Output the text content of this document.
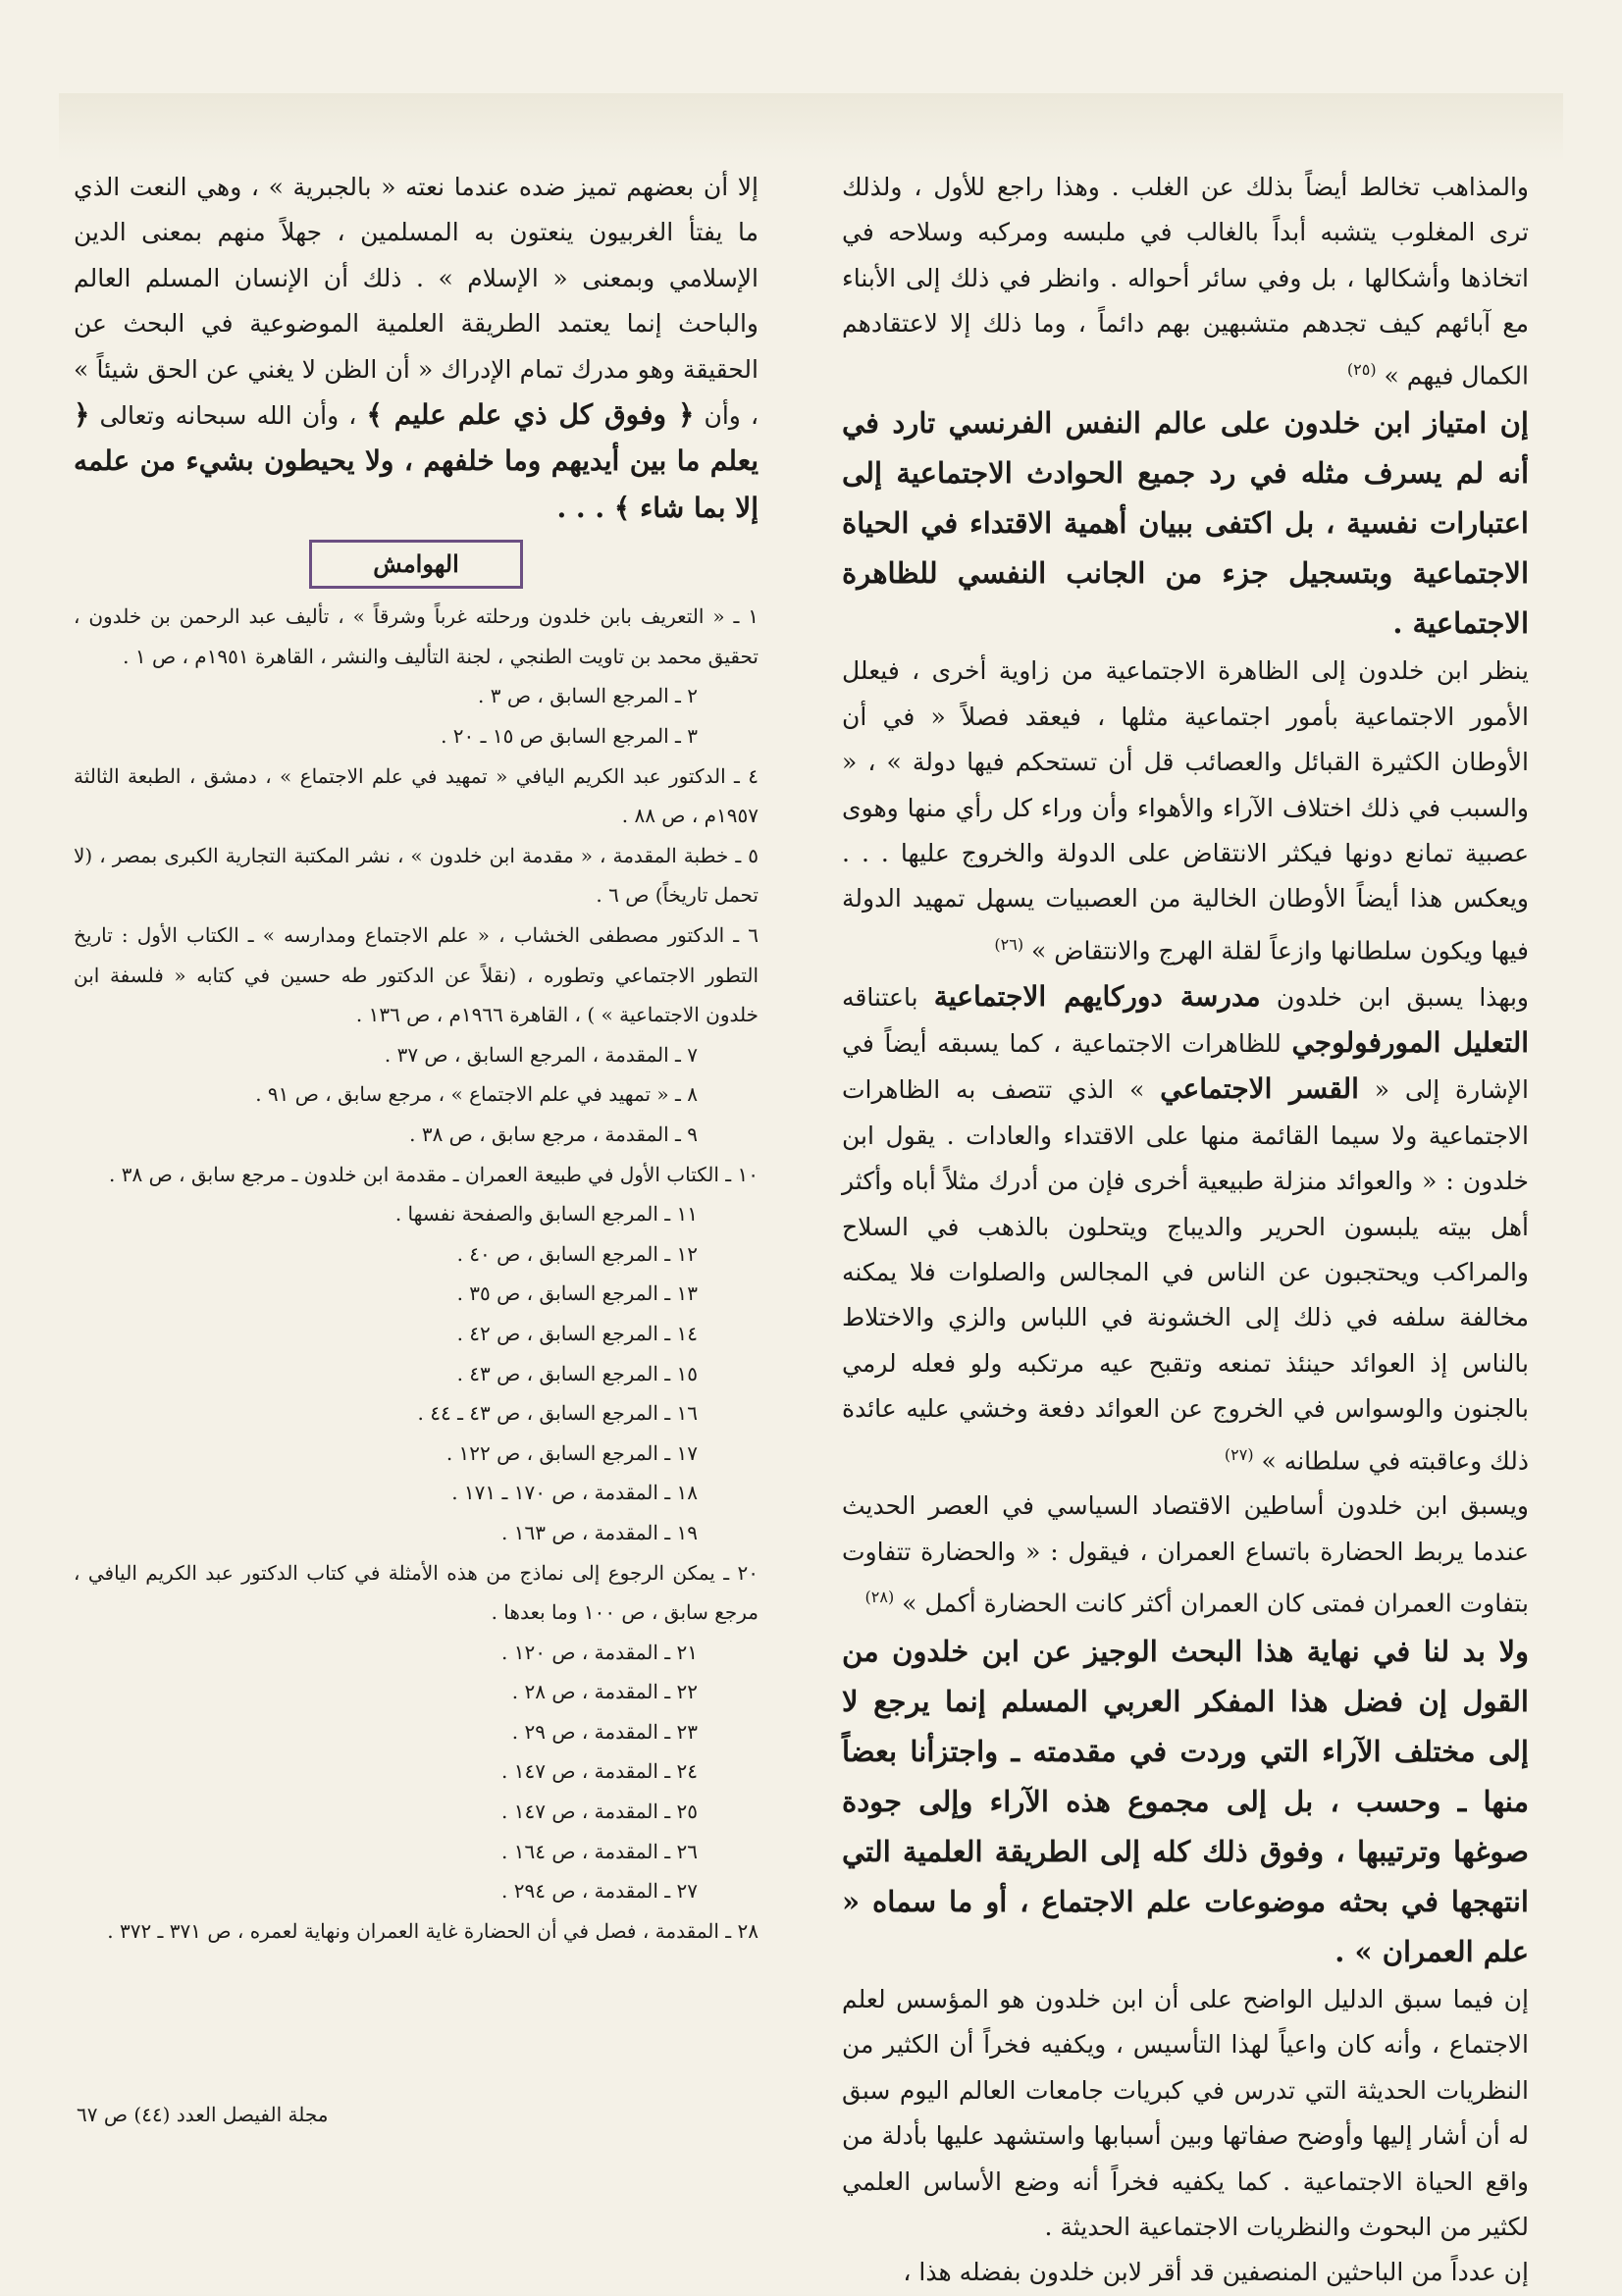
والمذاهب تخالط أيضاً بذلك عن الغلب . وهذا راجع للأول ، ولذلك ترى المغلوب يتشبه أبداً بالغالب في ملبسه ومركبه وسلاحه في اتخاذها وأشكالها ، بل وفي سائر أحواله . وانظر في ذلك إلى الأبناء مع آبائهم كيف تجدهم متشبهين بهم دائماً ، وما ذلك إلا لاعتقادهم الكمال فيهم » $^{(٢٥)}$

إن امتياز ابن خلدون على عالم النفس الفرنسي تارد في أنه لم يسرف مثله في رد جميع الحوادث الاجتماعية إلى اعتبارات نفسية ، بل اكتفى ببيان أهمية الاقتداء في الحياة الاجتماعية وبتسجيل جزء من الجانب النفسي للظاهرة الاجتماعية .

ينظر ابن خلدون إلى الظاهرة الاجتماعية من زاوية أخرى ، فيعلل الأمور الاجتماعية بأمور اجتماعية مثلها ، فيعقد فصلاً « في أن الأوطان الكثيرة القبائل والعصائب قل أن تستحكم فيها دولة » ، « والسبب في ذلك اختلاف الآراء والأهواء وأن وراء كل رأي منها وهوى عصبية تمانع دونها فيكثر الانتقاض على الدولة والخروج عليها . . . ويعكس هذا أيضاً الأوطان الخالية من العصبيات يسهل تمهيد الدولة فيها ويكون سلطانها وازعاً لقلة الهرج والانتقاض » $^{(٢٦)}$

وبهذا يسبق ابن خلدون مدرسة دوركايهم الاجتماعية باعتناقه التعليل المورفولوجي للظاهرات الاجتماعية ، كما يسبقه أيضاً في الإشارة إلى « القسر الاجتماعي » الذي تتصف به الظاهرات الاجتماعية ولا سيما القائمة منها على الاقتداء والعادات . يقول ابن خلدون : « والعوائد منزلة طبيعية أخرى فإن من أدرك مثلاً أباه وأكثر أهل بيته يلبسون الحرير والديباج ويتحلون بالذهب في السلاح والمراكب ويحتجبون عن الناس في المجالس والصلوات فلا يمكنه مخالفة سلفه في ذلك إلى الخشونة في اللباس والزي والاختلاط بالناس إذ العوائد حينئذ تمنعه وتقبح عيه مرتكبه ولو فعله لرمي بالجنون والوسواس في الخروج عن العوائد دفعة وخشي عليه عائدة ذلك وعاقبته في سلطانه » $^{(٢٧)}$

ويسبق ابن خلدون أساطين الاقتصاد السياسي في العصر الحديث عندما يربط الحضارة باتساع العمران ، فيقول : « والحضارة تتفاوت بتفاوت العمران فمتى كان العمران أكثر كانت الحضارة أكمل » $^{(٢٨)}$

ولا بد لنا في نهاية هذا البحث الوجيز عن ابن خلدون من القول إن فضل هذا المفكر العربي المسلم إنما يرجع لا إلى مختلف الآراء التي وردت في مقدمته ـ واجتزأنا بعضاً منها ـ وحسب ، بل إلى مجموع هذه الآراء وإلى جودة صوغها وترتيبها ، وفوق ذلك كله إلى الطريقة العلمية التي انتهجها في بحثه موضوعات علم الاجتماع ، أو ما سماه « علم العمران » .

إن فيما سبق الدليل الواضح على أن ابن خلدون هو المؤسس لعلم الاجتماع ، وأنه كان واعياً لهذا التأسيس ، ويكفيه فخراً أن الكثير من النظريات الحديثة التي تدرس في كبريات جامعات العالم اليوم سبق له أن أشار إليها وأوضح صفاتها وبين أسبابها واستشهد عليها بأدلة من واقع الحياة الاجتماعية . كما يكفيه فخراً أنه وضع الأساس العلمي لكثير من البحوث والنظريات الاجتماعية الحديثة .

إن عدداً من الباحثين المنصفين قد أقر لابن خلدون بفضله هذا ،

إلا أن بعضهم تميز ضده عندما نعته « بالجبرية » ، وهي النعت الذي ما يفتأ الغربيون ينعتون به المسلمين ، جهلاً منهم بمعنى الدين الإسلامي وبمعنى « الإسلام » . ذلك أن الإنسان المسلم العالم والباحث إنما يعتمد الطريقة العلمية الموضوعية في البحث عن الحقيقة وهو مدرك تمام الإدراك « أن الظن لا يغني عن الحق شيئاً » ، وأن ﴿ وفوق كل ذي علم عليم ﴾ ، وأن الله سبحانه وتعالى ﴿ يعلم ما بين أيديهم وما خلفهم ، ولا يحيطون بشيء من علمه إلا بما شاء ﴾ . . .

الهوامش
١ ـ « التعريف بابن خلدون ورحلته غرباً وشرقاً » ، تأليف عبد الرحمن بن خلدون ، تحقيق محمد بن تاويت الطنجي ، لجنة التأليف والنشر ، القاهرة ١٩٥١م ، ص ١ .
٢ ـ المرجع السابق ، ص ٣ .
٣ ـ المرجع السابق ص ١٥ ـ ٢٠ .
٤ ـ الدكتور عبد الكريم اليافي « تمهيد في علم الاجتماع » ، دمشق ، الطبعة الثالثة ١٩٥٧م ، ص ٨٨ .
٥ ـ خطبة المقدمة ، « مقدمة ابن خلدون » ، نشر المكتبة التجارية الكبرى بمصر ، (لا تحمل تاريخاً) ص ٦ .
٦ ـ الدكتور مصطفى الخشاب ، « علم الاجتماع ومدارسه » ـ الكتاب الأول : تاريخ التطور الاجتماعي وتطوره ، (نقلاً عن الدكتور طه حسين في كتابه « فلسفة ابن خلدون الاجتماعية » ) ، القاهرة ١٩٦٦م ، ص ١٣٦ .
٧ ـ المقدمة ، المرجع السابق ، ص ٣٧ .
٨ ـ « تمهيد في علم الاجتماع » ، مرجع سابق ، ص ٩١ .
٩ ـ المقدمة ، مرجع سابق ، ص ٣٨ .
١٠ ـ الكتاب الأول في طبيعة العمران ـ مقدمة ابن خلدون ـ مرجع سابق ، ص ٣٨ .
١١ ـ المرجع السابق والصفحة نفسها .
١٢ ـ المرجع السابق ، ص ٤٠ .
١٣ ـ المرجع السابق ، ص ٣٥ .
١٤ ـ المرجع السابق ، ص ٤٢ .
١٥ ـ المرجع السابق ، ص ٤٣ .
١٦ ـ المرجع السابق ، ص ٤٣ ـ ٤٤ .
١٧ ـ المرجع السابق ، ص ١٢٢ .
١٨ ـ المقدمة ، ص ١٧٠ ـ ١٧١ .
١٩ ـ المقدمة ، ص ١٦٣ .
٢٠ ـ يمكن الرجوع إلى نماذج من هذه الأمثلة في كتاب الدكتور عبد الكريم اليافي ، مرجع سابق ، ص ١٠٠ وما بعدها .
٢١ ـ المقدمة ، ص ١٢٠ .
٢٢ ـ المقدمة ، ص ٢٨ .
٢٣ ـ المقدمة ، ص ٢٩ .
٢٤ ـ المقدمة ، ص ١٤٧ .
٢٥ ـ المقدمة ، ص ١٤٧ .
٢٦ ـ المقدمة ، ص ١٦٤ .
٢٧ ـ المقدمة ، ص ٢٩٤ .
٢٨ ـ المقدمة ، فصل في أن الحضارة غاية العمران ونهاية لعمره ، ص ٣٧١ ـ ٣٧٢ .
مجلة الفيصل العدد (٤٤) ص ٦٧
